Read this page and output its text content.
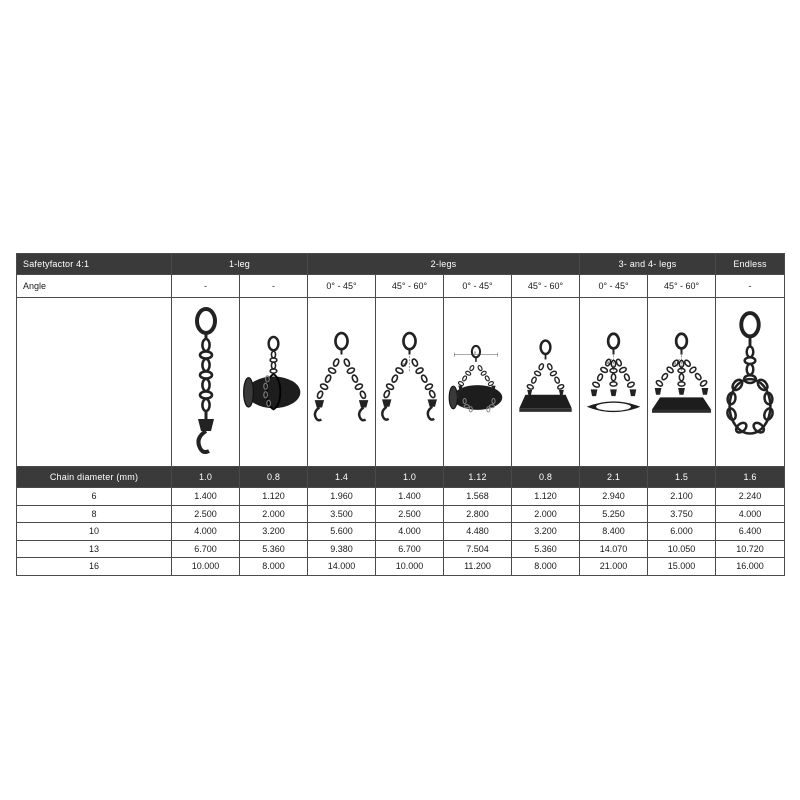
Safetyfactor 4:1	1-leg		2-legs				3- and 4- legs		Endless
Angle	-	-	0° - 45°	45° - 60°	0° - 45°	45° - 60°	0° - 45°	45° - 60°	-

a	a		a	a

Chain diameter (mm)	1.0	0.8	1.4	1.0	1.12	0.8	2.1	1.5	1.6
6	1.400	1.120	1.960	1.400	1.568	1.120	2.940	2.100	2.240
8	2.500	2.000	3.500	2.500	2.800	2.000	5.250	3.750	4.000
10	4.000	3.200	5.600	4.000	4.480	3.200	8.400	6.000	6.400
13	6.700	5.360	9.380	6.700	7.504	5.360	14.070	10.050	10.720
16	10.000	8.000	14.000	10.000	11.200	8.000	21.000	15.000	16.000
